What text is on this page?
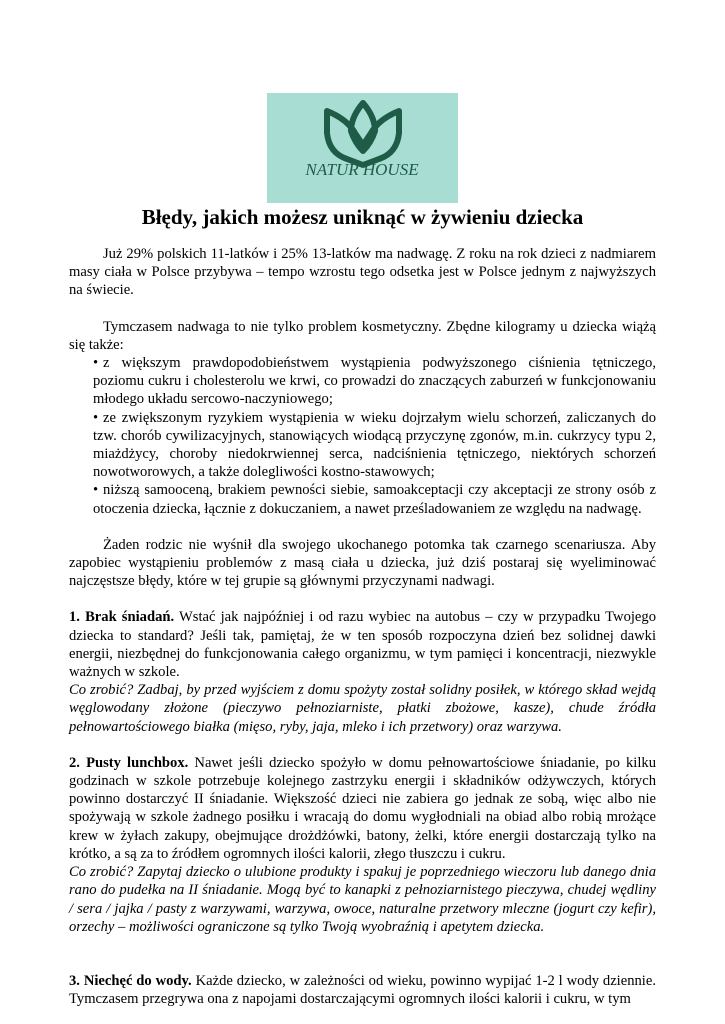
NATUR HOUSE
Błędy, jakich możesz uniknąć w żywieniu dziecka

Już 29% polskich 11-latków i 25% 13-latków ma nadwagę. Z roku na rok dzieci z nadmiarem masy ciała w Polsce przybywa – tempo wzrostu tego odsetka jest w Polsce jednym z najwyższych na świecie.

Tymczasem nadwaga to nie tylko problem kosmetyczny. Zbędne kilogramy u dziecka wiążą się także:

• z większym prawdopodobieństwem wystąpienia podwyższonego ciśnienia tętniczego, poziomu cukru i cholesterolu we krwi, co prowadzi do znaczących zaburzeń w funkcjonowaniu młodego układu sercowo-naczyniowego;
• ze zwiększonym ryzykiem wystąpienia w wieku dojrzałym wielu schorzeń, zaliczanych do tzw. chorób cywilizacyjnych, stanowiących wiodącą przyczynę zgonów, m.in. cukrzycy typu 2, miażdżycy, choroby niedokrwiennej serca, nadciśnienia tętniczego, niektórych schorzeń nowotworowych, a także dolegliwości kostno-stawowych;
• niższą samooceną, brakiem pewności siebie, samoakceptacji czy akceptacji ze strony osób z otoczenia dziecka, łącznie z dokuczaniem, a nawet prześladowaniem ze względu na nadwagę.

Żaden rodzic nie wyśnił dla swojego ukochanego potomka tak czarnego scenariusza. Aby zapobiec wystąpieniu problemów z masą ciała u dziecka, już dziś postaraj się wyeliminować najczęstsze błędy, które w tej grupie są głównymi przyczynami nadwagi.

1. Brak śniadań. Wstać jak najpóźniej i od razu wybiec na autobus – czy w przypadku Twojego dziecka to standard? Jeśli tak, pamiętaj, że w ten sposób rozpoczyna dzień bez solidnej dawki energii, niezbędnej do funkcjonowania całego organizmu, w tym pamięci i koncentracji, niezwykle ważnych w szkole.

Co zrobić? Zadbaj, by przed wyjściem z domu spożyty został solidny posiłek, w którego skład wejdą węglowodany złożone (pieczywo pełnoziarniste, płatki zbożowe, kasze), chude źródła pełnowartościowego białka (mięso, ryby, jaja, mleko i ich przetwory) oraz warzywa.

2. Pusty lunchbox. Nawet jeśli dziecko spożyło w domu pełnowartościowe śniadanie, po kilku godzinach w szkole potrzebuje kolejnego zastrzyku energii i składników odżywczych, których powinno dostarczyć II śniadanie. Większość dzieci nie zabiera go jednak ze sobą, więc albo nie spożywają w szkole żadnego posiłku i wracają do domu wygłodniali na obiad albo robią mrożące krew w żyłach zakupy, obejmujące drożdżówki, batony, żelki, które energii dostarczają tylko na krótko, a są za to źródłem ogromnych ilości kalorii, złego tłuszczu i cukru.

Co zrobić? Zapytaj dziecko o ulubione produkty i spakuj je poprzedniego wieczoru lub danego dnia rano do pudełka na II śniadanie. Mogą być to kanapki z pełnoziarnistego pieczywa, chudej wędliny / sera / jajka / pasty z warzywami, warzywa, owoce, naturalne przetwory mleczne (jogurt czy kefir), orzechy – możliwości ograniczone są tylko Twoją wyobraźnią i apetytem dziecka.

3. Niechęć do wody. Każde dziecko, w zależności od wieku, powinno wypijać 1-2 l wody dziennie. Tymczasem przegrywa ona z napojami dostarczającymi ogromnych ilości kalorii i cukru, w tym
